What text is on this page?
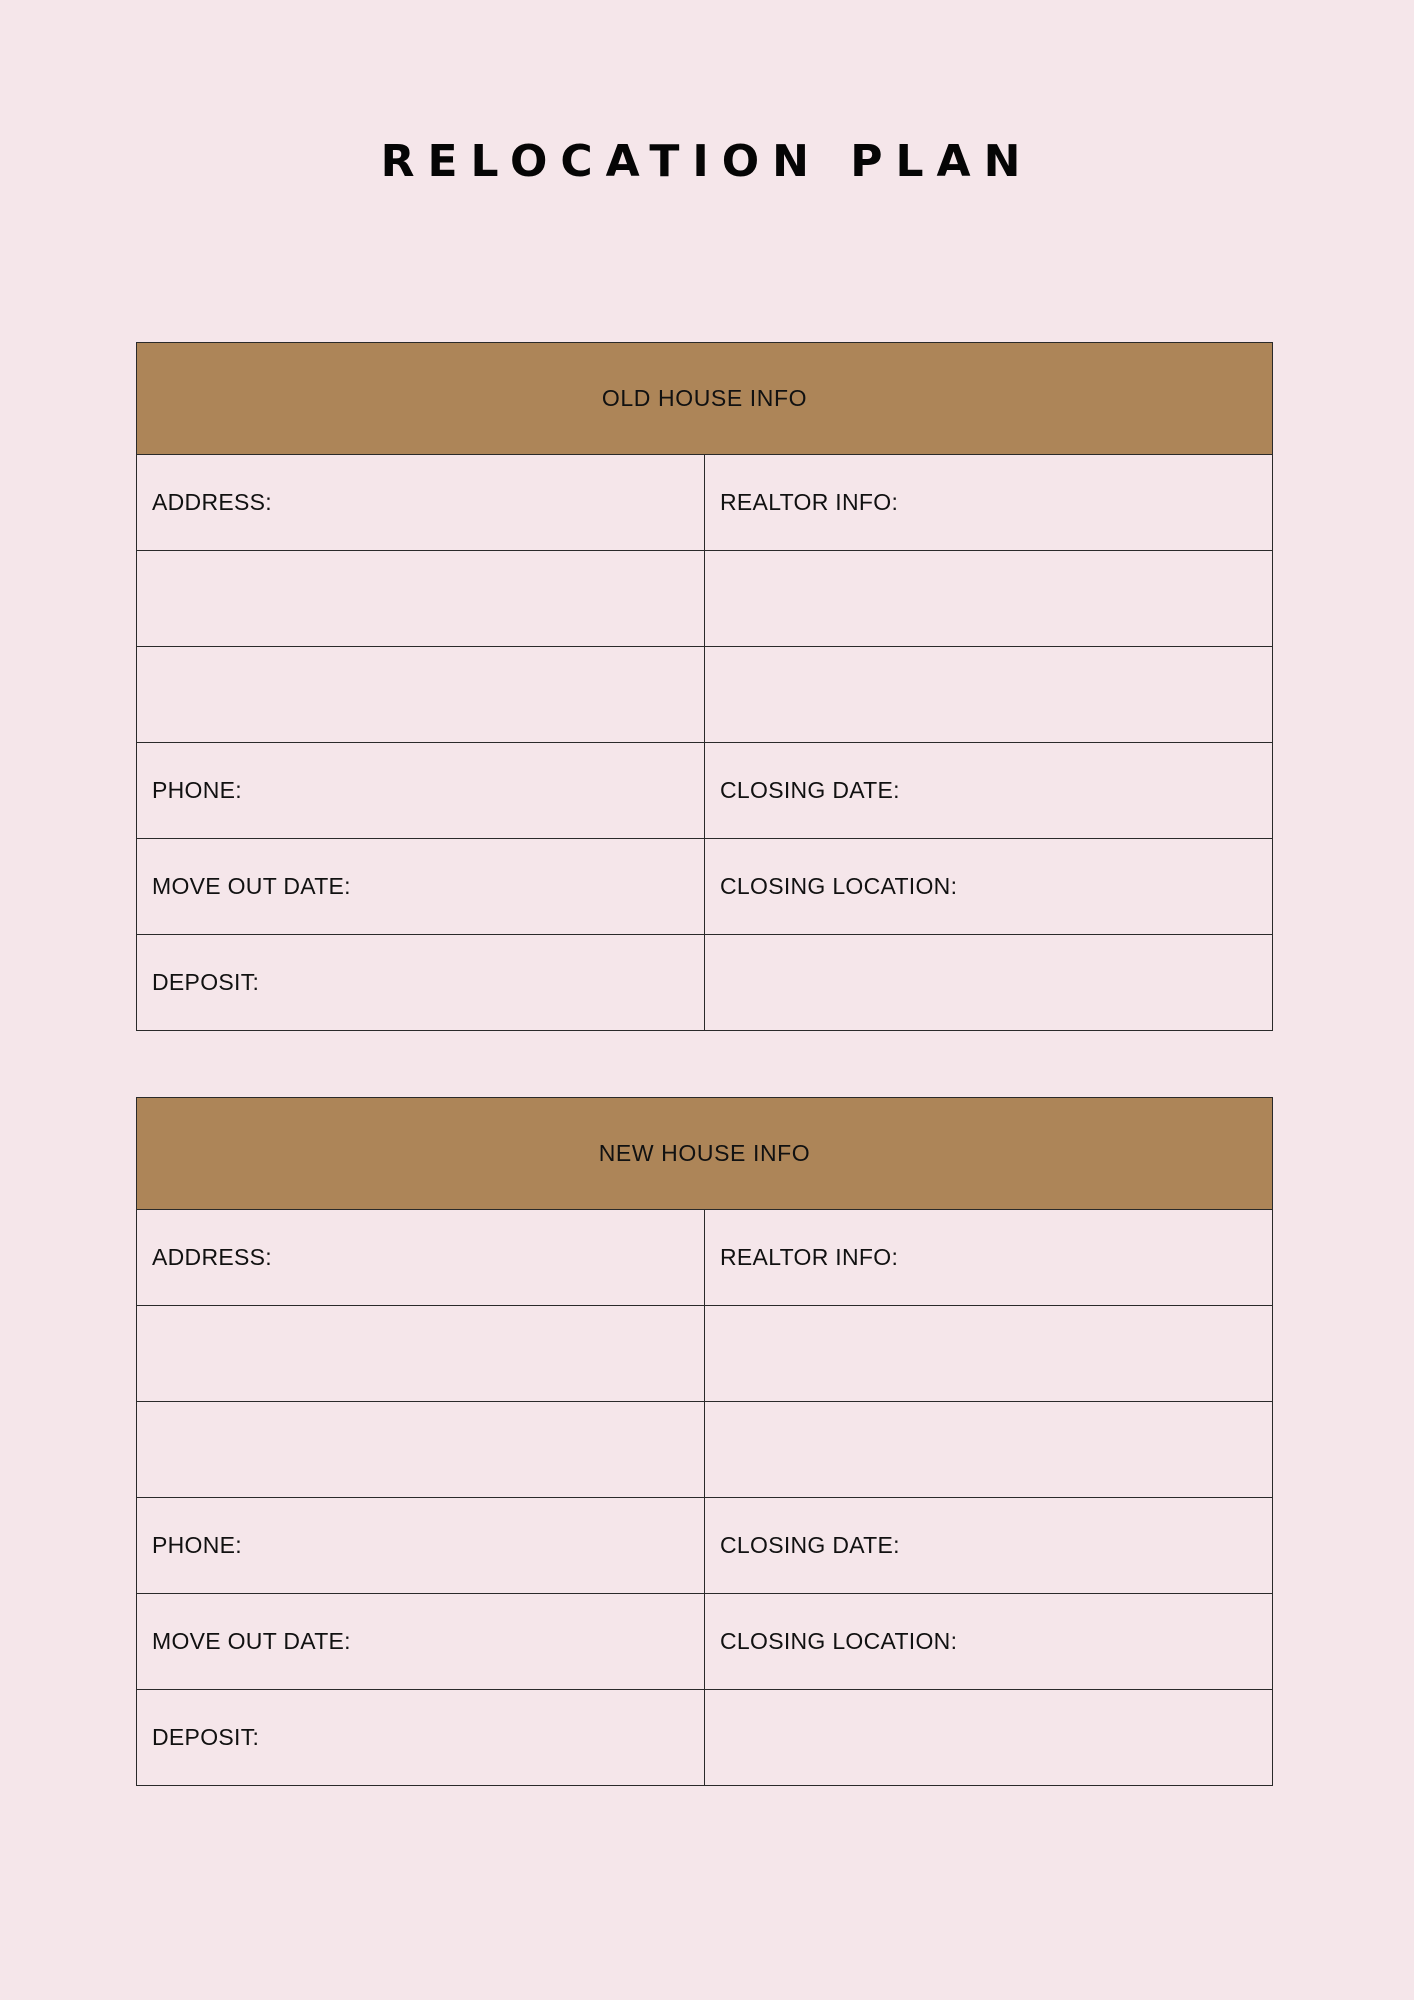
RELOCATION PLAN
OLD HOUSE INFO	
ADDRESS:	REALTOR INFO:

PHONE:	CLOSING DATE:
MOVE OUT DATE:	CLOSING LOCATION:
DEPOSIT:	
NEW HOUSE INFO	
ADDRESS:	REALTOR INFO:

PHONE:	CLOSING DATE:
MOVE OUT DATE:	CLOSING LOCATION:
DEPOSIT:	
